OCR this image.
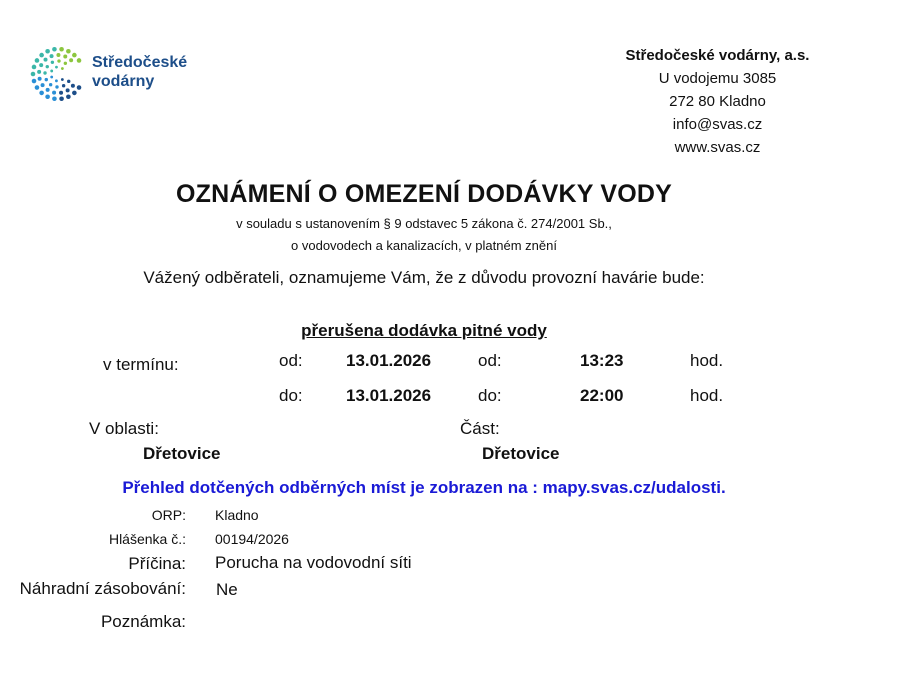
Středočeské
vodárny
Středočeské vodárny, a.s.
U vodojemu 3085
272 80 Kladno
info@svas.cz
www.svas.cz
OZNÁMENÍ O OMEZENÍ DODÁVKY VODY
v souladu s ustanovením § 9 odstavec 5 zákona č. 274/2001 Sb.,
o vodovodech a kanalizacích, v platném znění
Vážený odběrateli, oznamujeme Vám, že z důvodu provozní havárie bude:
přerušena dodávka pitné vody
v termínu:	od:	13.01.2026	od:	13:23	hod.
do:	13.01.2026	do:	22:00	hod.
V oblasti:
Dřetovice
Část:
Dřetovice
Přehled dotčených odběrných míst je zobrazen na : mapy.svas.cz/udalosti.
ORP: Kladno
Hlášenka č.: 00194/2026
Příčina: Porucha na vodovodní síti
Náhradní zásobování: Ne
Poznámka:
